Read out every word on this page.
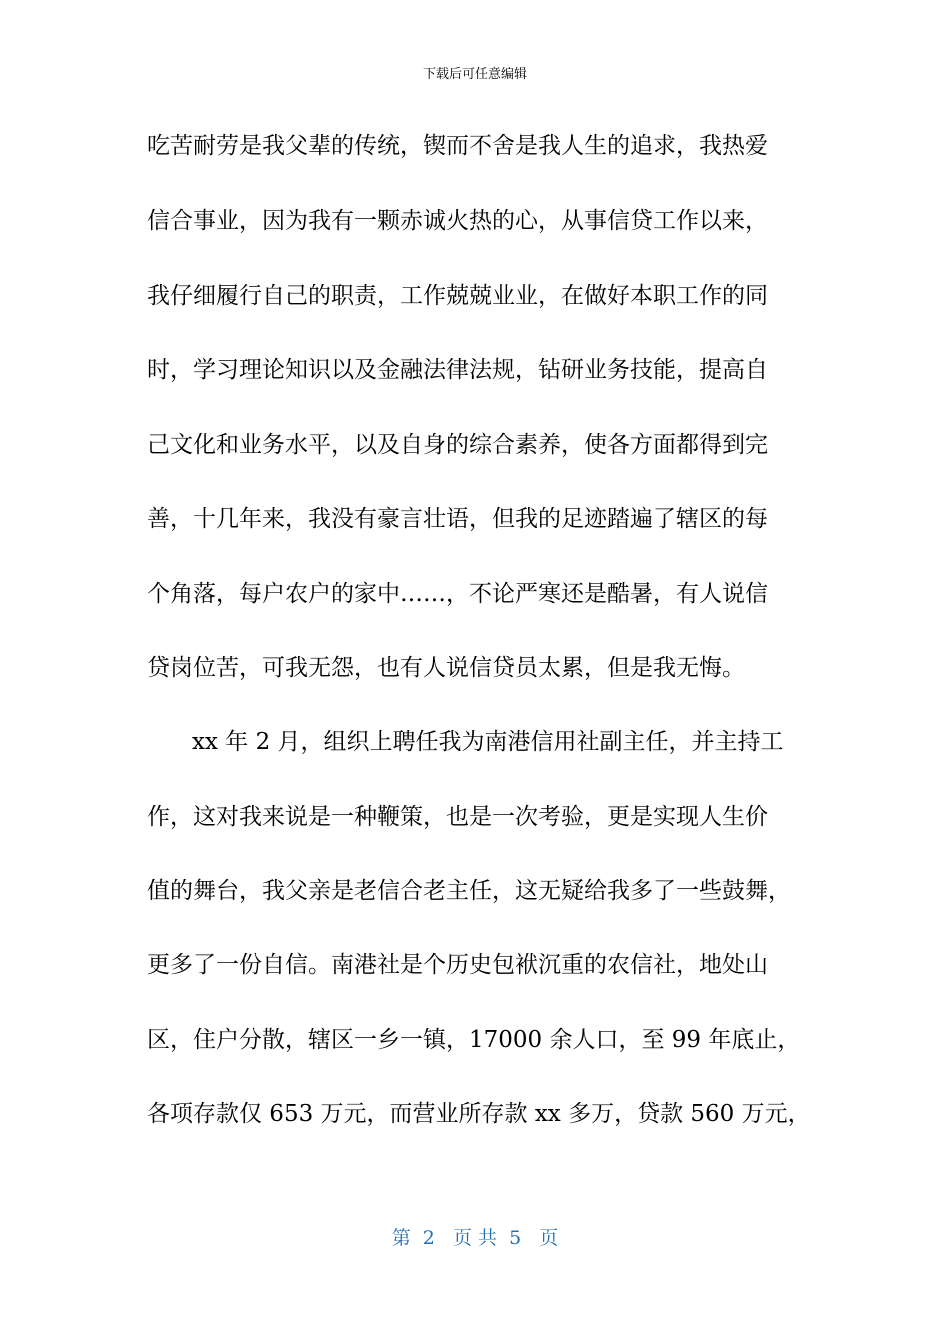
下载后可任意编辑
吃苦耐劳是我父辈的传统，锲而不舍是我人生的追求，我热爱
信合事业，因为我有一颗赤诚火热的心，从事信贷工作以来，
我仔细履行自己的职责，工作兢兢业业，在做好本职工作的同
时，学习理论知识以及金融法律法规，钻研业务技能，提高自
己文化和业务水平，以及自身的综合素养，使各方面都得到完
善，十几年来，我没有豪言壮语，但我的足迹踏遍了辖区的每
个角落，每户农户的家中……，不论严寒还是酷暑，有人说信
贷岗位苦，可我无怨，也有人说信贷员太累，但是我无悔。
xx 年 2 月，组织上聘任我为南港信用社副主任，并主持工
作，这对我来说是一种鞭策，也是一次考验，更是实现人生价
值的舞台，我父亲是老信合老主任，这无疑给我多了一些鼓舞，
更多了一份自信。南港社是个历史包袱沉重的农信社，地处山
区，住户分散，辖区一乡一镇，17000 余人口，至 99 年底止，
各项存款仅 653 万元，而营业所存款 xx 多万，贷款 560 万元，
第  2   页 共  5   页
